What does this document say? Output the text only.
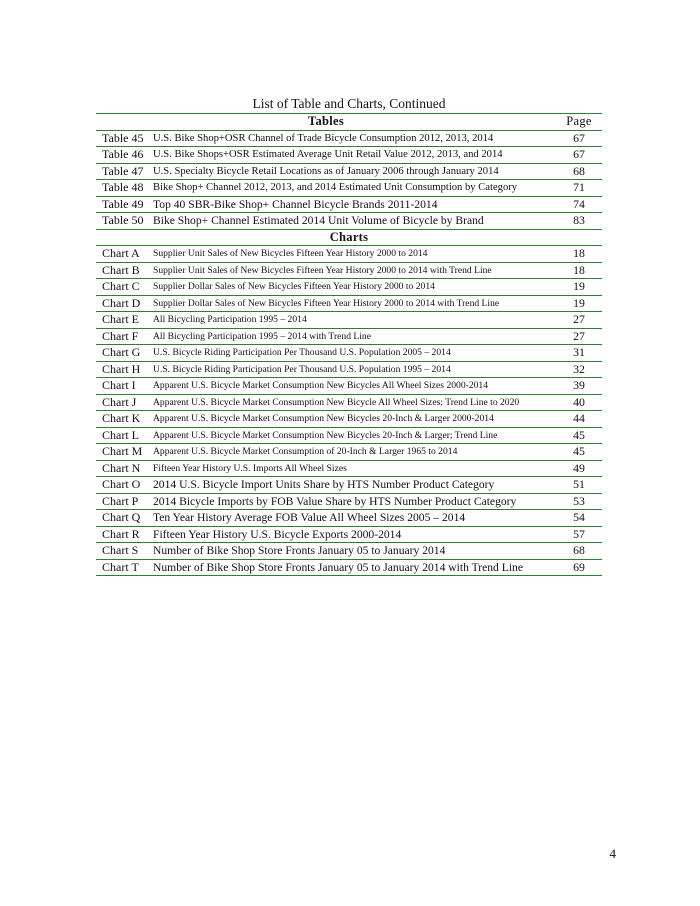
List of Table and Charts, Continued
Tables		Page
Table 45	U.S. Bike Shop+OSR Channel of Trade Bicycle Consumption 2012, 2013, 2014	67
Table 46	U.S. Bike Shops+OSR Estimated Average Unit Retail Value 2012, 2013, and 2014	67
Table 47	U.S. Specialty Bicycle Retail Locations as of January 2006 through January 2014	68
Table 48	Bike Shop+ Channel 2012, 2013, and 2014 Estimated Unit Consumption by Category	71
Table 49	Top 40 SBR-Bike Shop+ Channel Bicycle Brands 2011-2014	74
Table 50	Bike Shop+ Channel Estimated 2014 Unit Volume of Bicycle by Brand	83
Charts		
Chart A	Supplier Unit Sales of New Bicycles Fifteen Year History 2000 to 2014	18
Chart B	Supplier Unit Sales of New Bicycles Fifteen Year History 2000 to 2014 with Trend Line	18
Chart C	Supplier Dollar Sales of New Bicycles Fifteen Year History 2000 to 2014	19
Chart D	Supplier Dollar Sales of New Bicycles Fifteen Year History 2000 to 2014 with Trend Line	19
Chart E	All Bicycling Participation 1995 – 2014	27
Chart F	All Bicycling Participation 1995 – 2014 with Trend Line	27
Chart G	U.S. Bicycle Riding Participation Per Thousand U.S. Population 2005 – 2014	31
Chart H	U.S. Bicycle Riding Participation Per Thousand U.S. Population 1995 – 2014	32
Chart I	Apparent U.S. Bicycle Market Consumption New Bicycles All Wheel Sizes 2000-2014	39
Chart J	Apparent U.S. Bicycle Market Consumption New Bicycle All Wheel Sizes: Trend Line to 2020	40
Chart K	Apparent U.S. Bicycle Market Consumption New Bicycles 20-Inch & Larger 2000-2014	44
Chart L	Apparent U.S. Bicycle Market Consumption New Bicycles 20-Inch & Larger; Trend Line	45
Chart M	Apparent U.S. Bicycle Market Consumption of 20-Inch & Larger 1965 to 2014	45
Chart N	Fifteen Year History U.S. Imports All Wheel Sizes	49
Chart O	2014 U.S. Bicycle Import Units Share by HTS Number Product Category	51
Chart P	2014 Bicycle Imports by FOB Value Share by HTS Number Product Category	53
Chart Q	Ten Year History Average FOB Value All Wheel Sizes 2005 – 2014	54
Chart R	Fifteen Year History U.S. Bicycle Exports 2000-2014	57
Chart S	Number of Bike Shop Store Fronts January 05 to January 2014	68
Chart T	Number of Bike Shop Store Fronts January 05 to January 2014 with Trend Line	69
4
